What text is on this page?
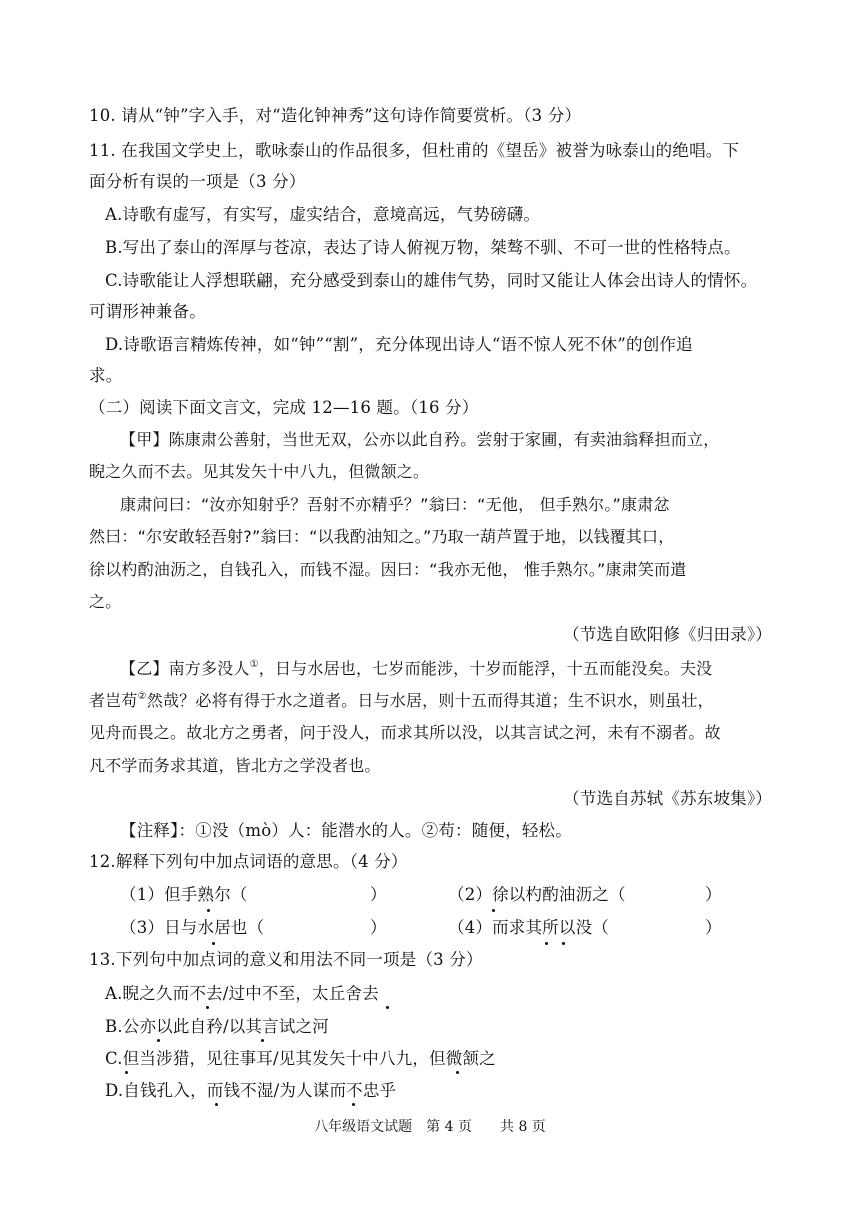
10. 请从“钟”字入手，对“造化钟神秀”这句诗作简要赏析。（3 分）
11. 在我国文学史上，歌咏泰山的作品很多，但杜甫的《望岳》被誉为咏泰山的绝唱。下
面分析有误的一项是（3 分）
A.诗歌有虚写，有实写，虚实结合，意境高远，气势磅礴。
B.写出了泰山的浑厚与苍凉，表达了诗人俯视万物，桀骜不驯、不可一世的性格特点。
C.诗歌能让人浮想联翩，充分感受到泰山的雄伟气势，同时又能让人体会出诗人的情怀。
可谓形神兼备。
D.诗歌语言精炼传神，如“钟”“割”，充分体现出诗人“语不惊人死不休”的创作追
求。
（二）阅读下面文言文，完成 12—16 题。（16 分）
【甲】陈康肃公善射，当世无双，公亦以此自矜。尝射于家圃，有卖油翁释担而立，
睨之久而不去。见其发矢十中八九，但微颔之。
康肃问曰：“汝亦知射乎？吾射不亦精乎？”翁曰：“无他， 但手熟尔。”康肃忿
然曰：“尔安敢轻吾射?”翁曰：“以我酌油知之。”乃取一葫芦置于地，以钱覆其口，
徐以杓酌油沥之，自钱孔入，而钱不湿。因曰：“我亦无他， 惟手熟尔。”康肃笑而遣
之。
（节选自欧阳修《归田录》）
【乙】南方多没人①，日与水居也，七岁而能涉，十岁而能浮，十五而能没矣。夫没
者岂苟②然哉？必将有得于水之道者。日与水居，则十五而得其道；生不识水，则虽壮，
见舟而畏之。故北方之勇者，问于没人，而求其所以没，以其言试之河，未有不溺者。故
凡不学而务求其道，皆北方之学没者也。
（节选自苏轼《苏东坡集》）
【注释】：①没（mò）人：能潜水的人。②苟：随便，轻松。
12.解释下列句中加点词语的意思。（4 分）
（1）但手熟尔（	）	（2）徐以杓酌油沥之（	）
（3）日与水居也（	）	（4）而求其所以没（	）
13.下列句中加点词的意义和用法不同一项是（3 分）
A.睨之久而不去/过中不至，太丘舍去
B.公亦以此自矜/以其言试之河
C.但当涉猎，见往事耳/见其发矢十中八九，但微颔之
D.自钱孔入，而钱不湿/为人谋而不忠乎
八年级语文试题　第 4 页　　共 8 页
